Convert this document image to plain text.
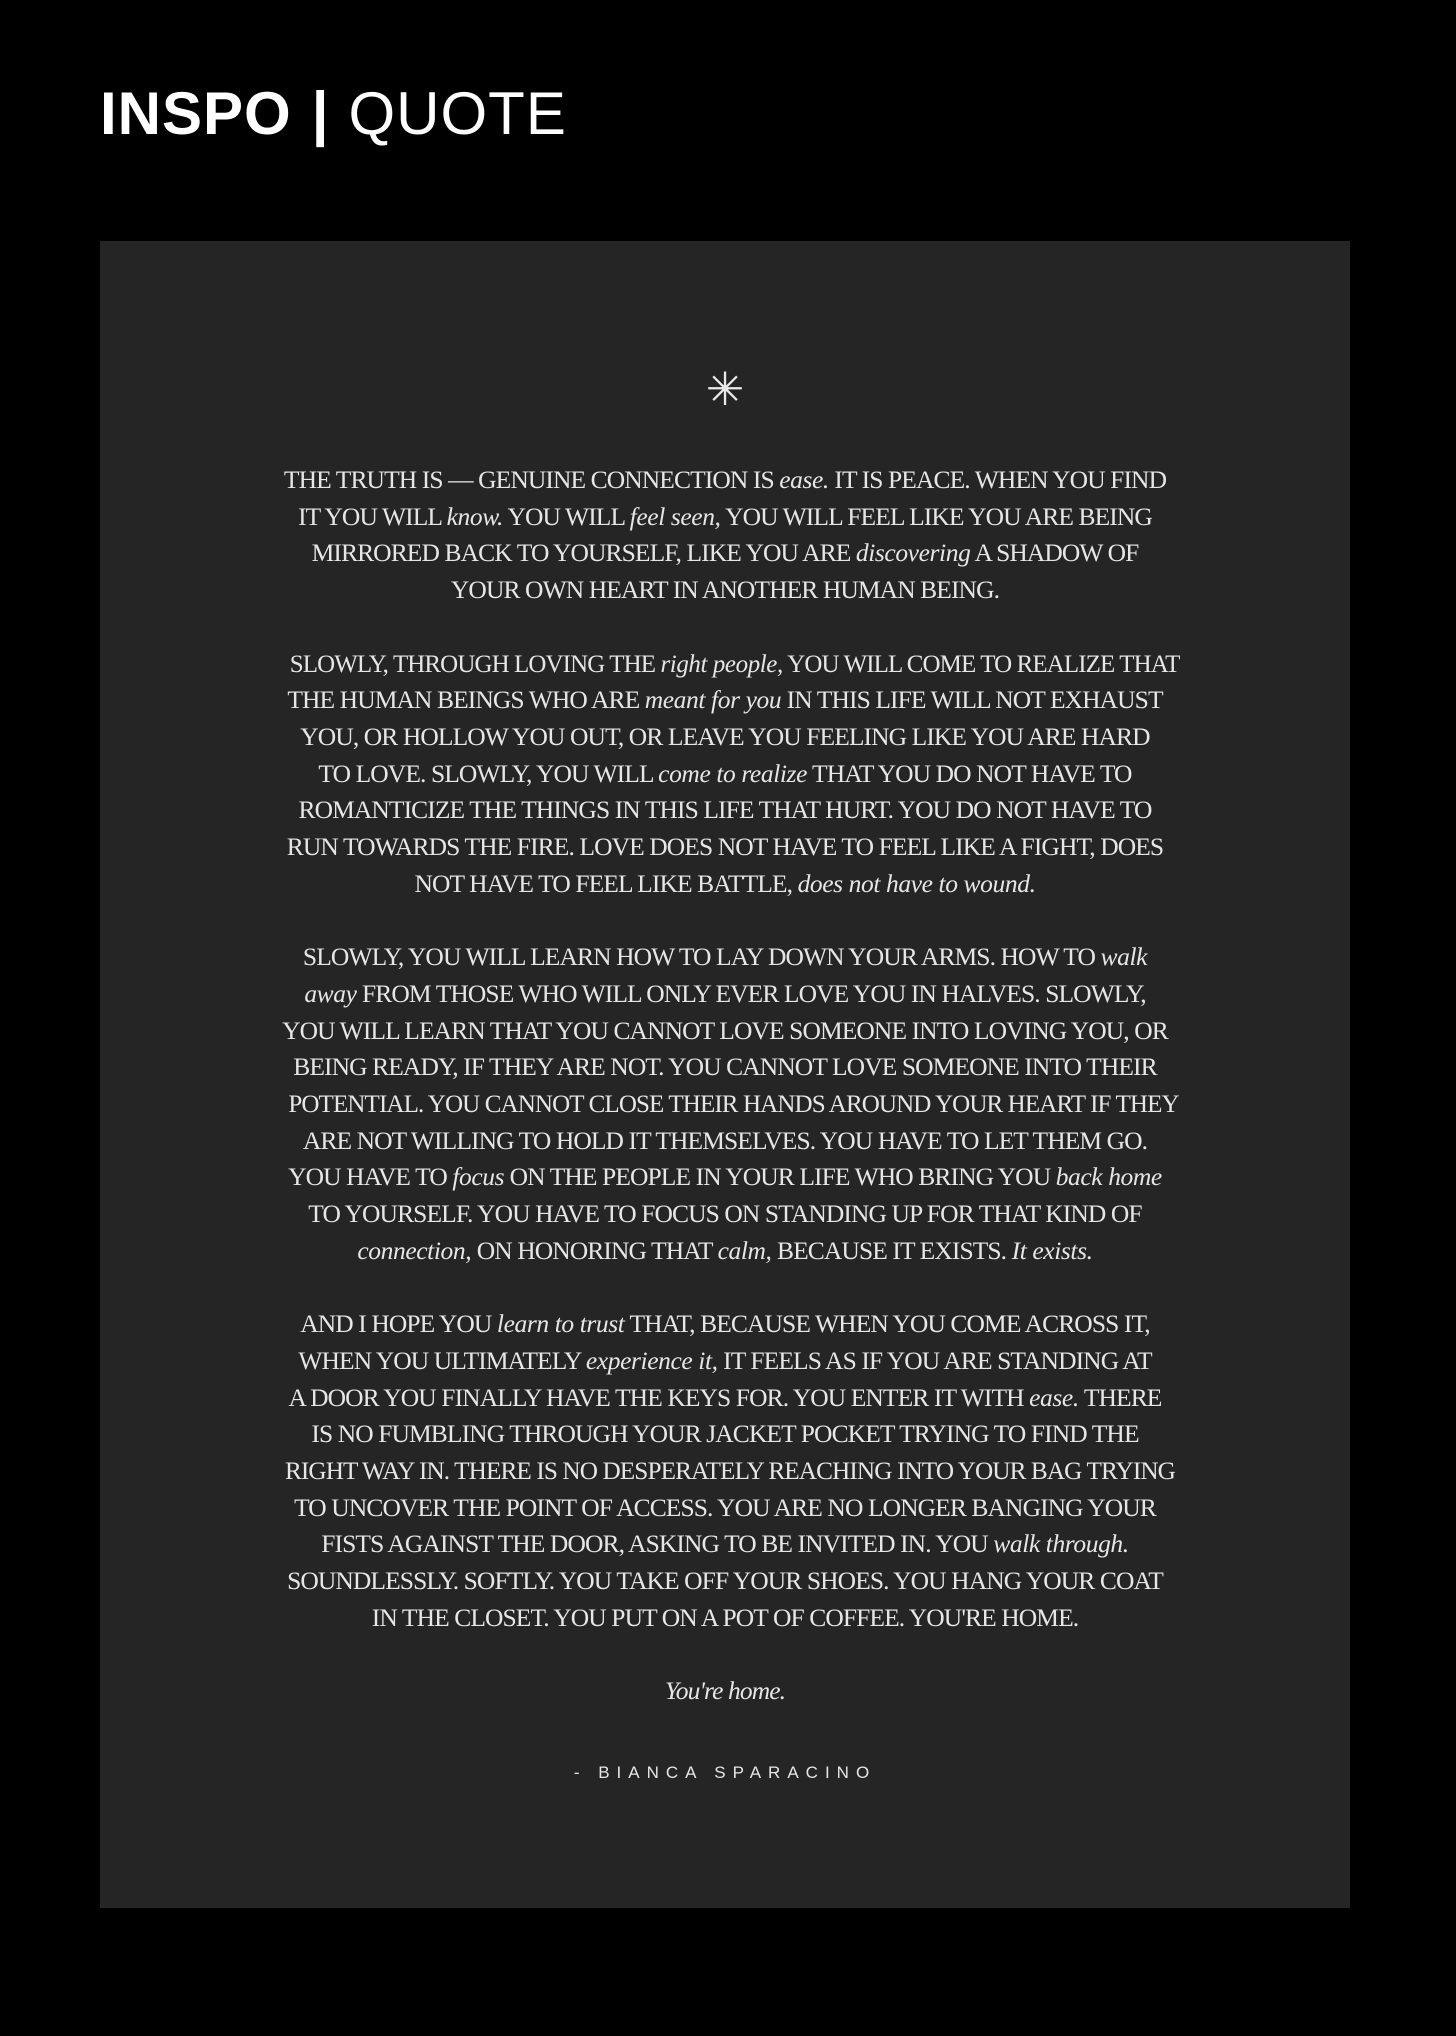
INSPO | QUOTE
✳

THE TRUTH IS — GENUINE CONNECTION IS ease. IT IS PEACE. WHEN YOU FIND
IT YOU WILL know. YOU WILL feel seen, YOU WILL FEEL LIKE YOU ARE BEING
MIRRORED BACK TO YOURSELF, LIKE YOU ARE discovering A SHADOW OF
YOUR OWN HEART IN ANOTHER HUMAN BEING.

SLOWLY, THROUGH LOVING THE right people, YOU WILL COME TO REALIZE THAT
THE HUMAN BEINGS WHO ARE meant for you IN THIS LIFE WILL NOT EXHAUST
YOU, OR HOLLOW YOU OUT, OR LEAVE YOU FEELING LIKE YOU ARE HARD
TO LOVE. SLOWLY, YOU WILL come to realize THAT YOU DO NOT HAVE TO
ROMANTICIZE THE THINGS IN THIS LIFE THAT HURT. YOU DO NOT HAVE TO
RUN TOWARDS THE FIRE. LOVE DOES NOT HAVE TO FEEL LIKE A FIGHT, DOES
NOT HAVE TO FEEL LIKE BATTLE, does not have to wound.

SLOWLY, YOU WILL LEARN HOW TO LAY DOWN YOUR ARMS. HOW TO walk
away FROM THOSE WHO WILL ONLY EVER LOVE YOU IN HALVES. SLOWLY,
YOU WILL LEARN THAT YOU CANNOT LOVE SOMEONE INTO LOVING YOU, OR
BEING READY, IF THEY ARE NOT. YOU CANNOT LOVE SOMEONE INTO THEIR
POTENTIAL. YOU CANNOT CLOSE THEIR HANDS AROUND YOUR HEART IF THEY
ARE NOT WILLING TO HOLD IT THEMSELVES. YOU HAVE TO LET THEM GO.
YOU HAVE TO focus ON THE PEOPLE IN YOUR LIFE WHO BRING YOU back home
TO YOURSELF. YOU HAVE TO FOCUS ON STANDING UP FOR THAT KIND OF
connection, ON HONORING THAT calm, BECAUSE IT EXISTS. It exists.

AND I HOPE YOU learn to trust THAT, BECAUSE WHEN YOU COME ACROSS IT,
WHEN YOU ULTIMATELY experience it, IT FEELS AS IF YOU ARE STANDING AT
A DOOR YOU FINALLY HAVE THE KEYS FOR. YOU ENTER IT WITH ease. THERE
IS NO FUMBLING THROUGH YOUR JACKET POCKET TRYING TO FIND THE
RIGHT WAY IN. THERE IS NO DESPERATELY REACHING INTO YOUR BAG TRYING
TO UNCOVER THE POINT OF ACCESS. YOU ARE NO LONGER BANGING YOUR
FISTS AGAINST THE DOOR, ASKING TO BE INVITED IN. YOU walk through.
SOUNDLESSLY. SOFTLY. YOU TAKE OFF YOUR SHOES. YOU HANG YOUR COAT
IN THE CLOSET. YOU PUT ON A POT OF COFFEE. YOU'RE HOME.

You're home.

- BIANCA SPARACINO
